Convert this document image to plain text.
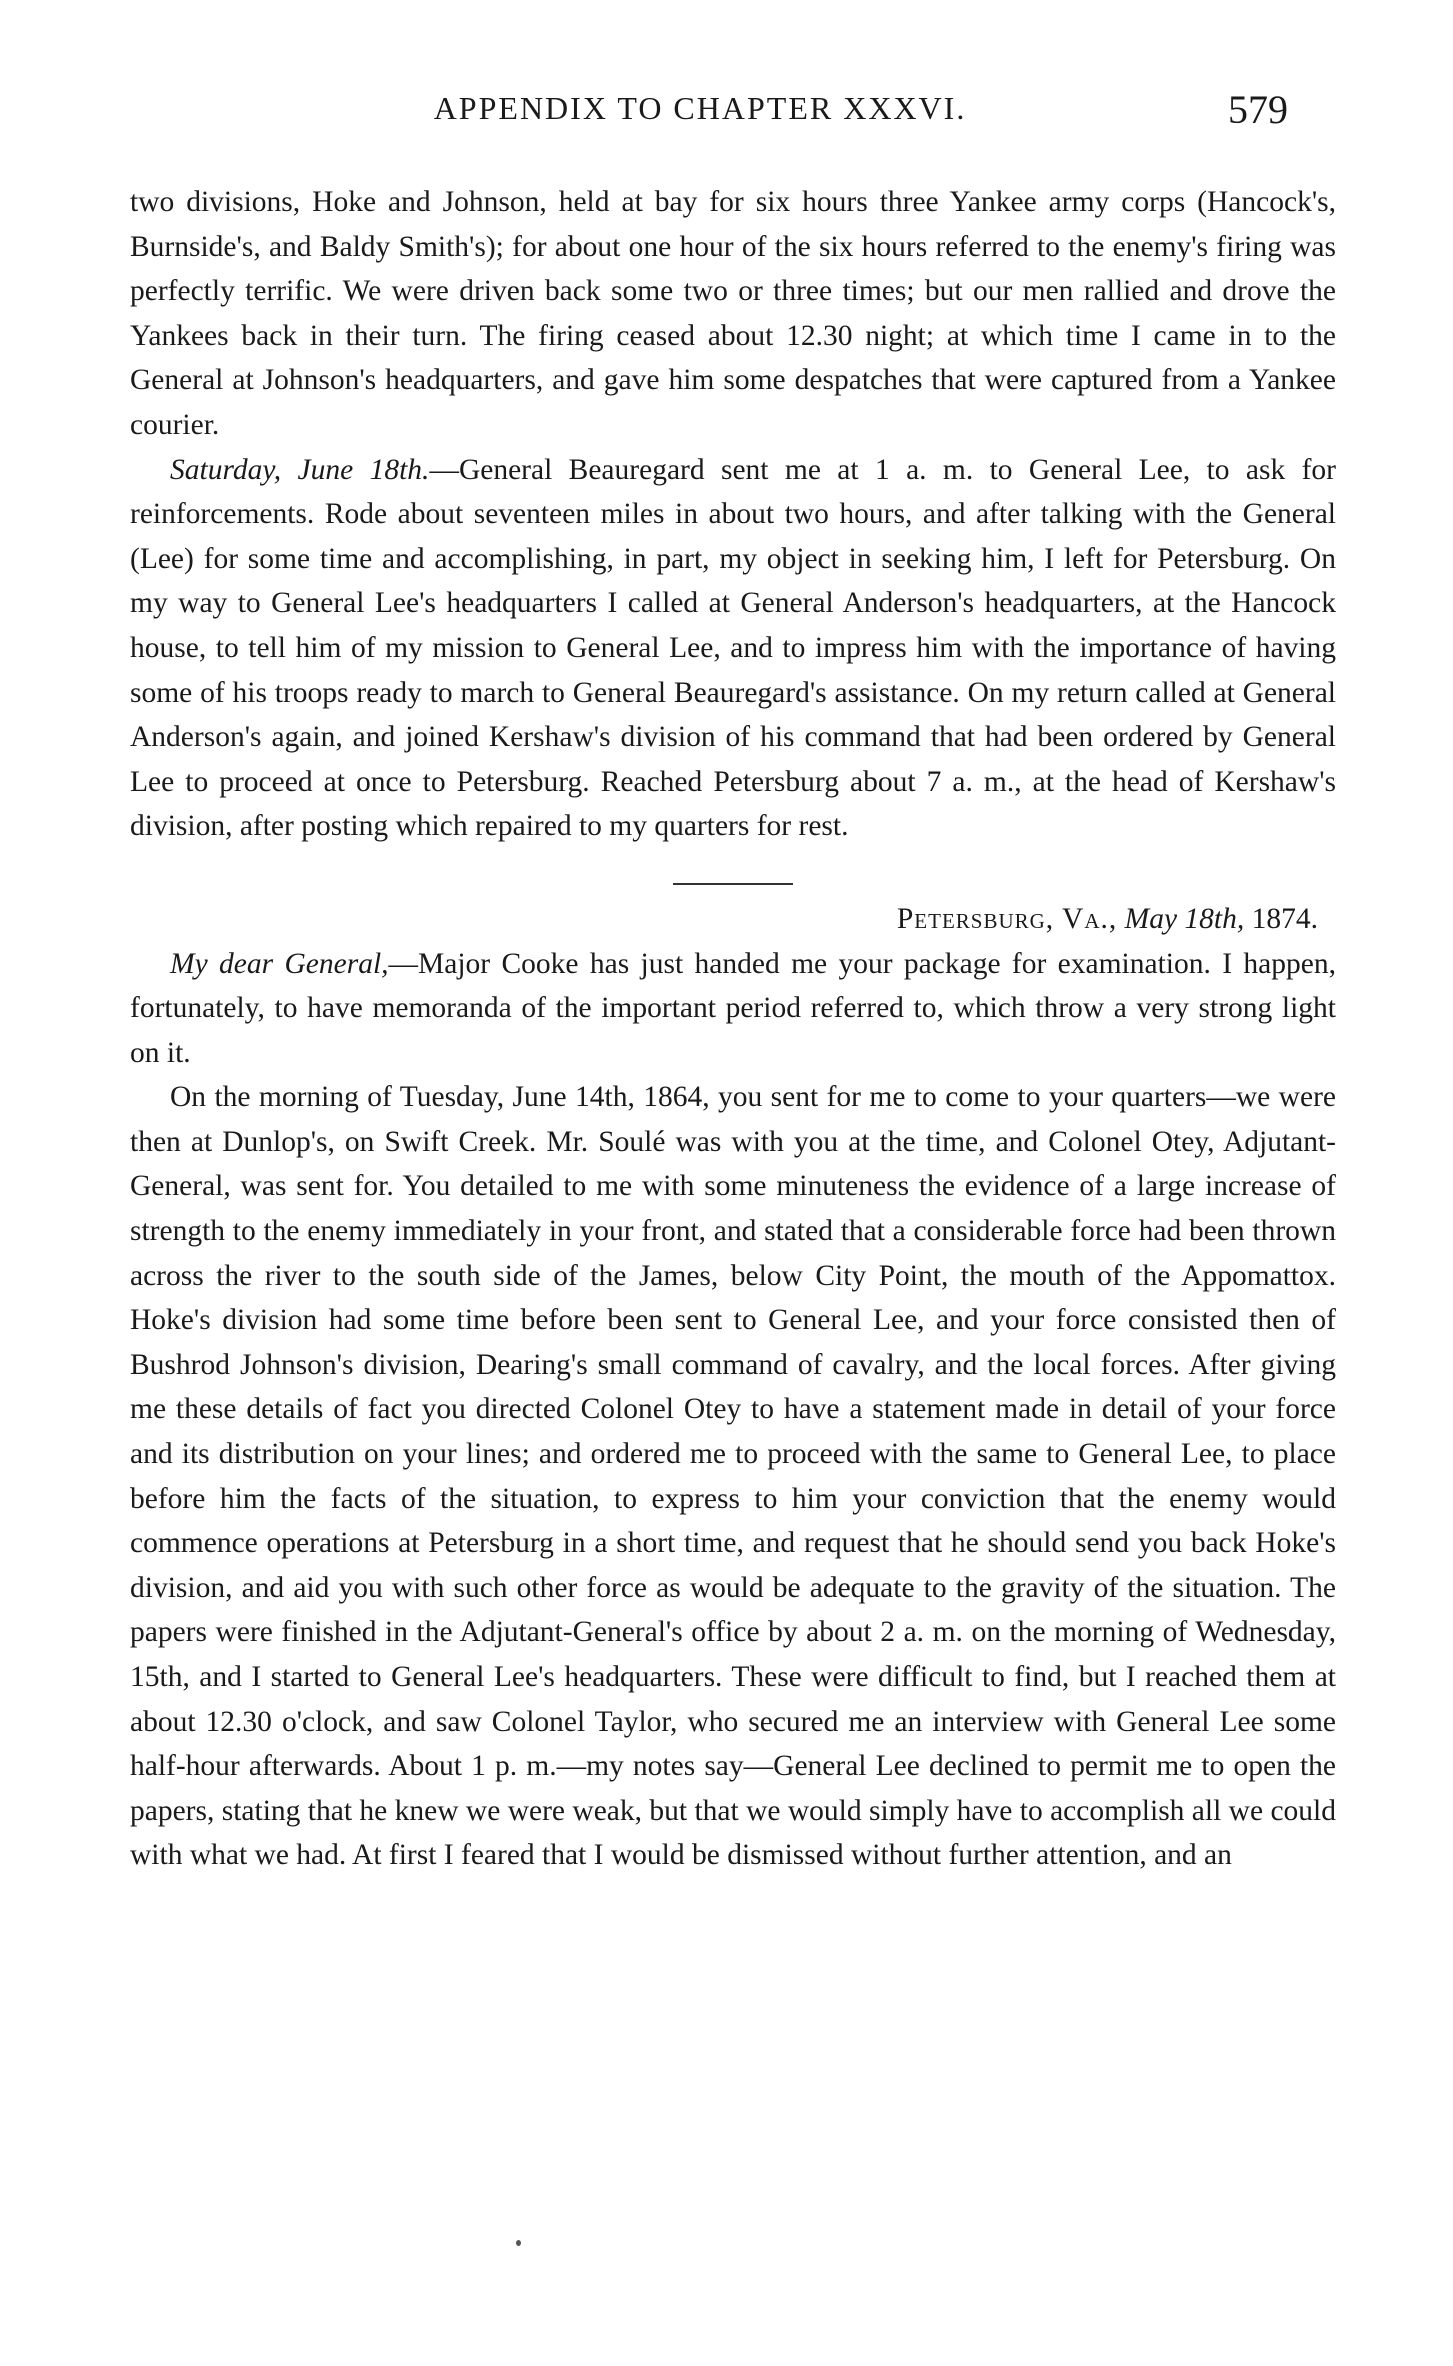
APPENDIX TO CHAPTER XXXVI.	579

two divisions, Hoke and Johnson, held at bay for six hours three Yankee army corps (Hancock's, Burnside's, and Baldy Smith's); for about one hour of the six hours referred to the enemy's firing was perfectly terrific. We were driven back some two or three times; but our men rallied and drove the Yankees back in their turn. The firing ceased about 12.30 night; at which time I came in to the General at Johnson's headquarters, and gave him some despatches that were captured from a Yankee courier.

Saturday, June 18th.—General Beauregard sent me at 1 a. m. to General Lee, to ask for reinforcements. Rode about seventeen miles in about two hours, and after talking with the General (Lee) for some time and accomplishing, in part, my object in seeking him, I left for Petersburg. On my way to General Lee's headquarters I called at General Anderson's headquarters, at the Hancock house, to tell him of my mission to General Lee, and to impress him with the importance of having some of his troops ready to march to General Beauregard's assistance. On my return called at General Anderson's again, and joined Kershaw's division of his command that had been ordered by General Lee to proceed at once to Petersburg. Reached Petersburg about 7 a. m., at the head of Kershaw's division, after posting which repaired to my quarters for rest.

Petersburg, Va., May 18th, 1874.

My dear General,—Major Cooke has just handed me your package for examination. I happen, fortunately, to have memoranda of the important period referred to, which throw a very strong light on it.

On the morning of Tuesday, June 14th, 1864, you sent for me to come to your quarters—we were then at Dunlop's, on Swift Creek. Mr. Soulé was with you at the time, and Colonel Otey, Adjutant-General, was sent for. You detailed to me with some minuteness the evidence of a large increase of strength to the enemy immediately in your front, and stated that a considerable force had been thrown across the river to the south side of the James, below City Point, the mouth of the Appomattox. Hoke's division had some time before been sent to General Lee, and your force consisted then of Bushrod Johnson's division, Dearing's small command of cavalry, and the local forces. After giving me these details of fact you directed Colonel Otey to have a statement made in detail of your force and its distribution on your lines; and ordered me to proceed with the same to General Lee, to place before him the facts of the situation, to express to him your conviction that the enemy would commence operations at Petersburg in a short time, and request that he should send you back Hoke's division, and aid you with such other force as would be adequate to the gravity of the situation. The papers were finished in the Adjutant-General's office by about 2 a. m. on the morning of Wednesday, 15th, and I started to General Lee's headquarters. These were difficult to find, but I reached them at about 12.30 o'clock, and saw Colonel Taylor, who secured me an interview with General Lee some half-hour afterwards. About 1 p. m.—my notes say—General Lee declined to permit me to open the papers, stating that he knew we were weak, but that we would simply have to accomplish all we could with what we had. At first I feared that I would be dismissed without further attention, and an
